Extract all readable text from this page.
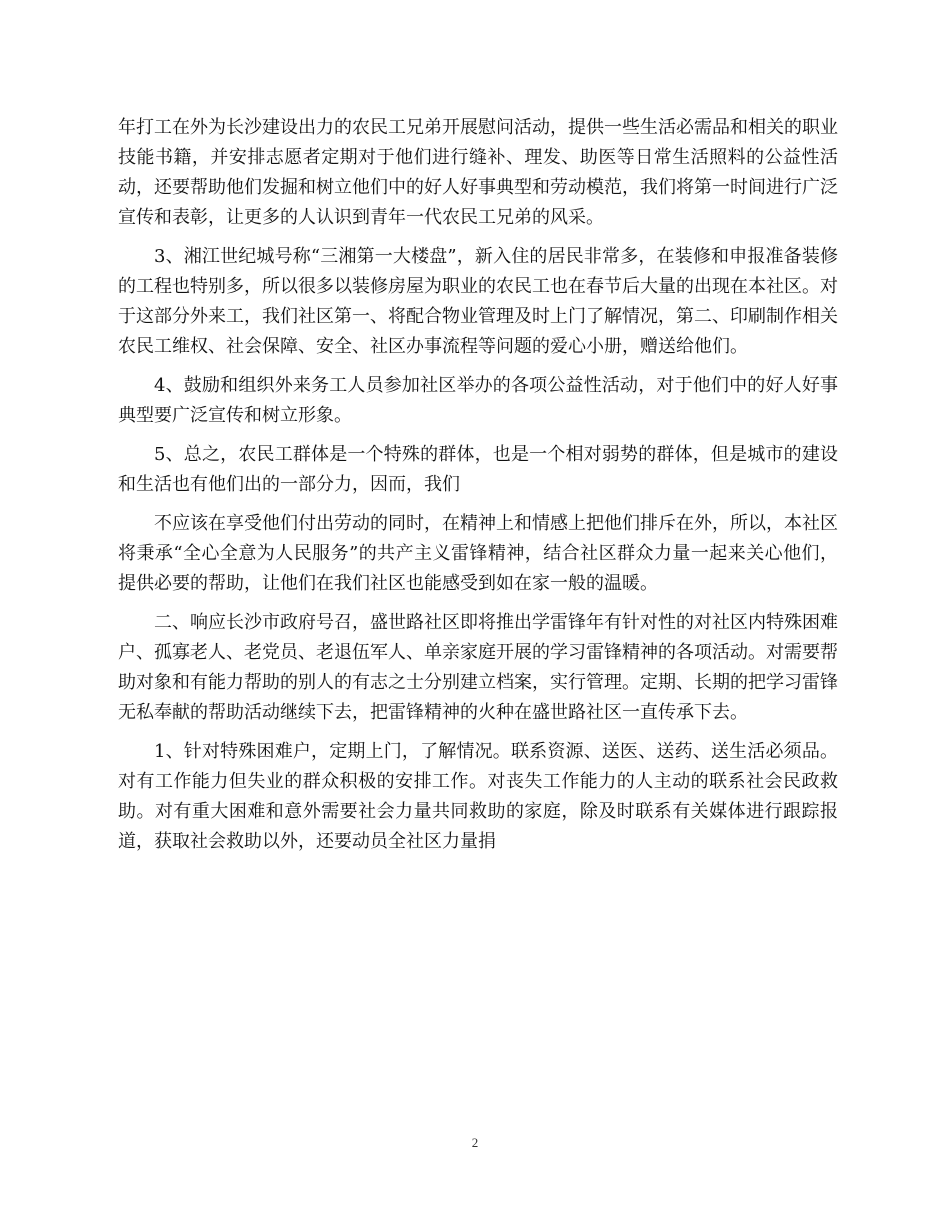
年打工在外为长沙建设出力的农民工兄弟开展慰问活动，提供一些生活必需品和相关的职业技能书籍，并安排志愿者定期对于他们进行缝补、理发、助医等日常生活照料的公益性活动，还要帮助他们发掘和树立他们中的好人好事典型和劳动模范，我们将第一时间进行广泛宣传和表彰，让更多的人认识到青年一代农民工兄弟的风采。

3、湘江世纪城号称“三湘第一大楼盘”，新入住的居民非常多，在装修和申报准备装修的工程也特别多，所以很多以装修房屋为职业的农民工也在春节后大量的出现在本社区。对于这部分外来工，我们社区第一、将配合物业管理及时上门了解情况，第二、印刷制作相关农民工维权、社会保障、安全、社区办事流程等问题的爱心小册，赠送给他们。

4、鼓励和组织外来务工人员参加社区举办的各项公益性活动，对于他们中的好人好事典型要广泛宣传和树立形象。

5、总之，农民工群体是一个特殊的群体，也是一个相对弱势的群体，但是城市的建设和生活也有他们出的一部分力，因而，我们

不应该在享受他们付出劳动的同时，在精神上和情感上把他们排斥在外，所以，本社区将秉承“全心全意为人民服务”的共产主义雷锋精神，结合社区群众力量一起来关心他们，提供必要的帮助，让他们在我们社区也能感受到如在家一般的温暖。

二、响应长沙市政府号召，盛世路社区即将推出学雷锋年有针对性的对社区内特殊困难户、孤寡老人、老党员、老退伍军人、单亲家庭开展的学习雷锋精神的各项活动。对需要帮助对象和有能力帮助的别人的有志之士分别建立档案，实行管理。定期、长期的把学习雷锋无私奉献的帮助活动继续下去，把雷锋精神的火种在盛世路社区一直传承下去。

1、针对特殊困难户，定期上门，了解情况。联系资源、送医、送药、送生活必须品。对有工作能力但失业的群众积极的安排工作。对丧失工作能力的人主动的联系社会民政救助。对有重大困难和意外需要社会力量共同救助的家庭，除及时联系有关媒体进行跟踪报道，获取社会救助以外，还要动员全社区力量捐

2
